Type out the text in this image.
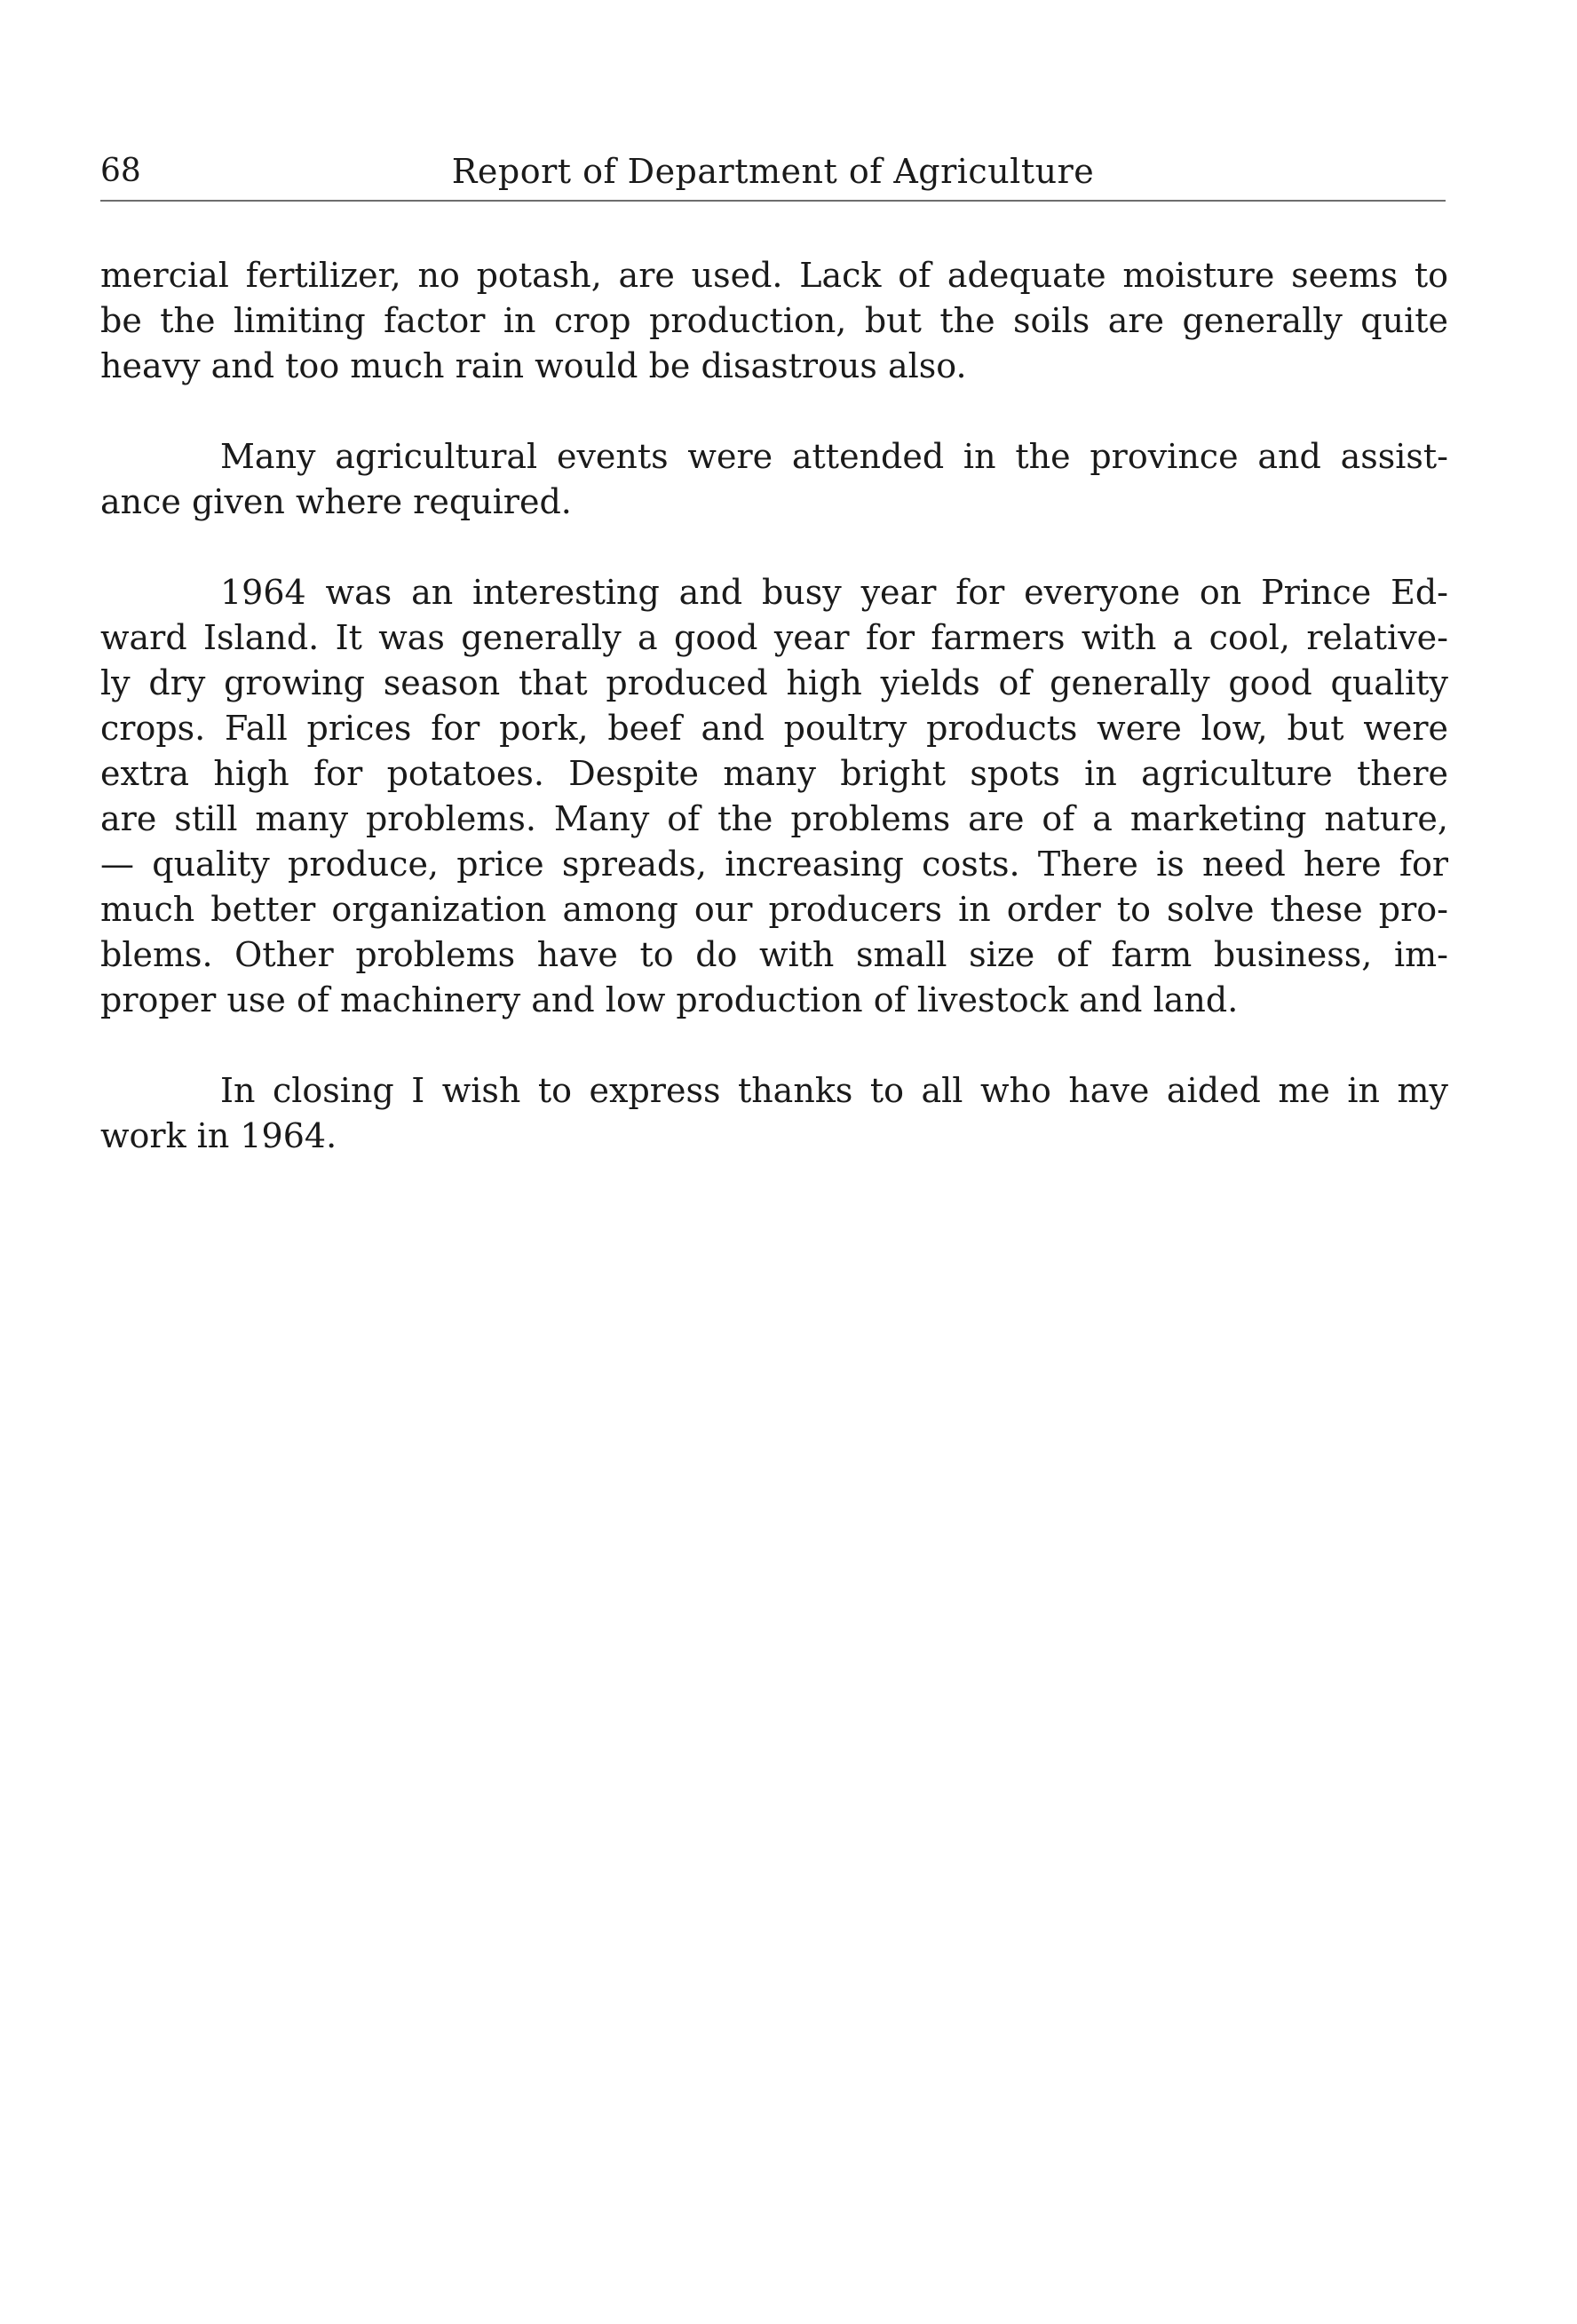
68	Report of Department of Agriculture
mercial fertilizer, no potash, are used. Lack of adequate moisture seems to
be the limiting factor in crop production, but the soils are generally quite
heavy and too much rain would be disastrous also.
Many agricultural events were attended in the province and assist-
ance given where required.
1964 was an interesting and busy year for everyone on Prince Ed-
ward Island. It was generally a good year for farmers with a cool, relative-
ly dry growing season that produced high yields of generally good quality
crops. Fall prices for pork, beef and poultry products were low, but were
extra high for potatoes. Despite many bright spots in agriculture there
are still many problems. Many of the problems are of a marketing nature,
— quality produce, price spreads, increasing costs. There is need here for
much better organization among our producers in order to solve these pro-
blems. Other problems have to do with small size of farm business, im-
proper use of machinery and low production of livestock and land.
In closing I wish to express thanks to all who have aided me in my
work in 1964.
